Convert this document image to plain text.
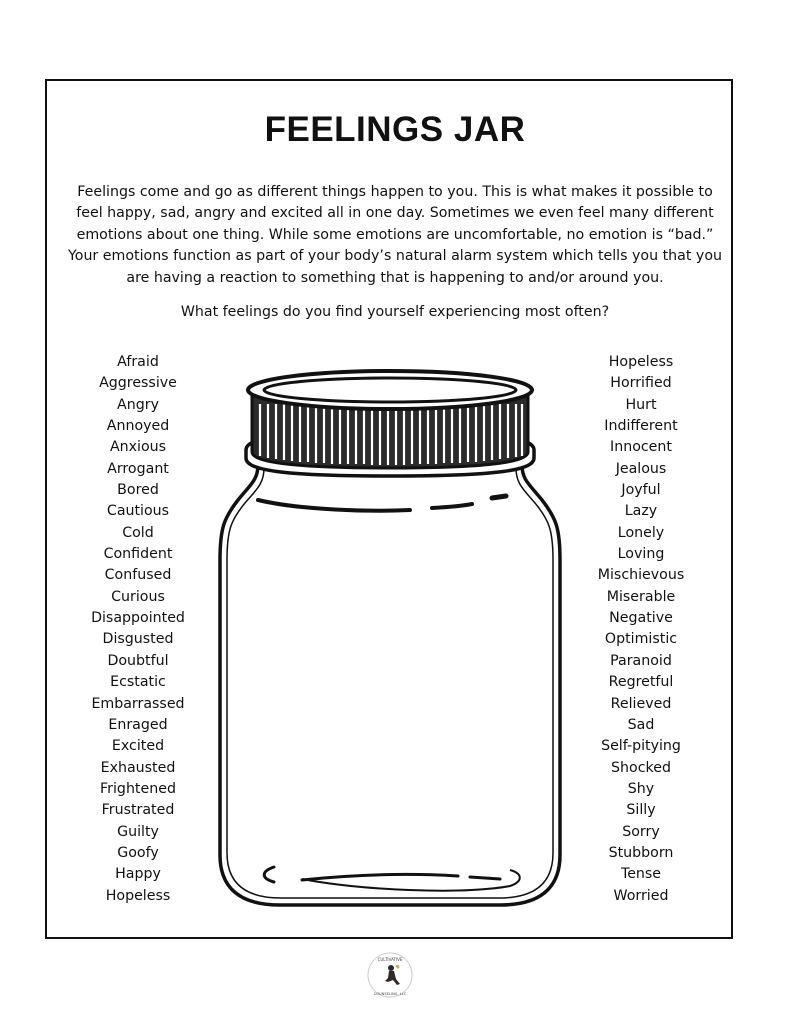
FEELINGS JAR
Feelings come and go as different things happen to you. This is what makes it possible to feel happy, sad, angry and excited all in one day. Sometimes we even feel many different emotions about one thing. While some emotions are uncomfortable, no emotion is “bad.” Your emotions function as part of your body’s natural alarm system which tells you that you are having a reaction to something that is happening to and/or around you.
What feelings do you find yourself experiencing most often?
Afraid
Aggressive
Angry
Annoyed
Anxious
Arrogant
Bored
Cautious
Cold
Confident
Confused
Curious
Disappointed
Disgusted
Doubtful
Ecstatic
Embarrassed
Enraged
Excited
Exhausted
Frightened
Frustrated
Guilty
Goofy
Happy
Hopeless
Hopeless
Horrified
Hurt
Indifferent
Innocent
Jealous
Joyful
Lazy
Lonely
Loving
Mischievous
Miserable
Negative
Optimistic
Paranoid
Regretful
Relieved
Sad
Self-pitying
Shocked
Shy
Silly
Sorry
Stubborn
Tense
Worried
CULTIVATIVE
COUNSELING, LLC
